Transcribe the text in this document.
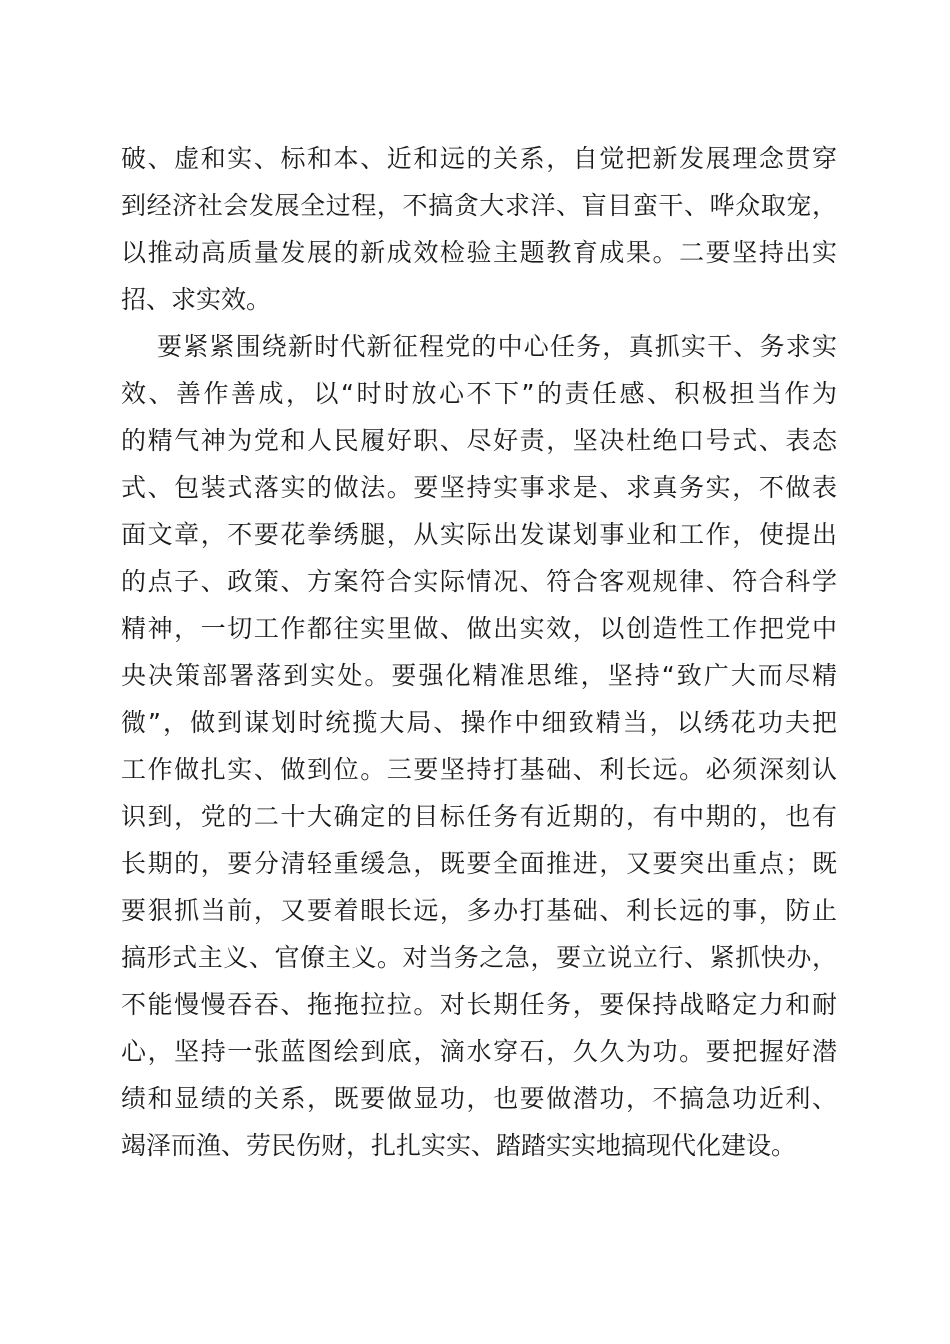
破、虚和实、标和本、近和远的关系，自觉把新发展理念贯穿
到经济社会发展全过程，不搞贪大求洋、盲目蛮干、哗众取宠，
以推动高质量发展的新成效检验主题教育成果。二要坚持出实
招、求实效。
要紧紧围绕新时代新征程党的中心任务，真抓实干、务求实
效、善作善成，以“时时放心不下”的责任感、积极担当作为
的精气神为党和人民履好职、尽好责，坚决杜绝口号式、表态
式、包装式落实的做法。要坚持实事求是、求真务实，不做表
面文章，不要花拳绣腿，从实际出发谋划事业和工作，使提出
的点子、政策、方案符合实际情况、符合客观规律、符合科学
精神，一切工作都往实里做、做出实效，以创造性工作把党中
央决策部署落到实处。要强化精准思维，坚持“致广大而尽精
微”，做到谋划时统揽大局、操作中细致精当，以绣花功夫把
工作做扎实、做到位。三要坚持打基础、利长远。必须深刻认
识到，党的二十大确定的目标任务有近期的，有中期的，也有
长期的，要分清轻重缓急，既要全面推进，又要突出重点；既
要狠抓当前，又要着眼长远，多办打基础、利长远的事，防止
搞形式主义、官僚主义。对当务之急，要立说立行、紧抓快办，
不能慢慢吞吞、拖拖拉拉。对长期任务，要保持战略定力和耐
心，坚持一张蓝图绘到底，滴水穿石，久久为功。要把握好潜
绩和显绩的关系，既要做显功，也要做潜功，不搞急功近利、
竭泽而渔、劳民伤财，扎扎实实、踏踏实实地搞现代化建设。
